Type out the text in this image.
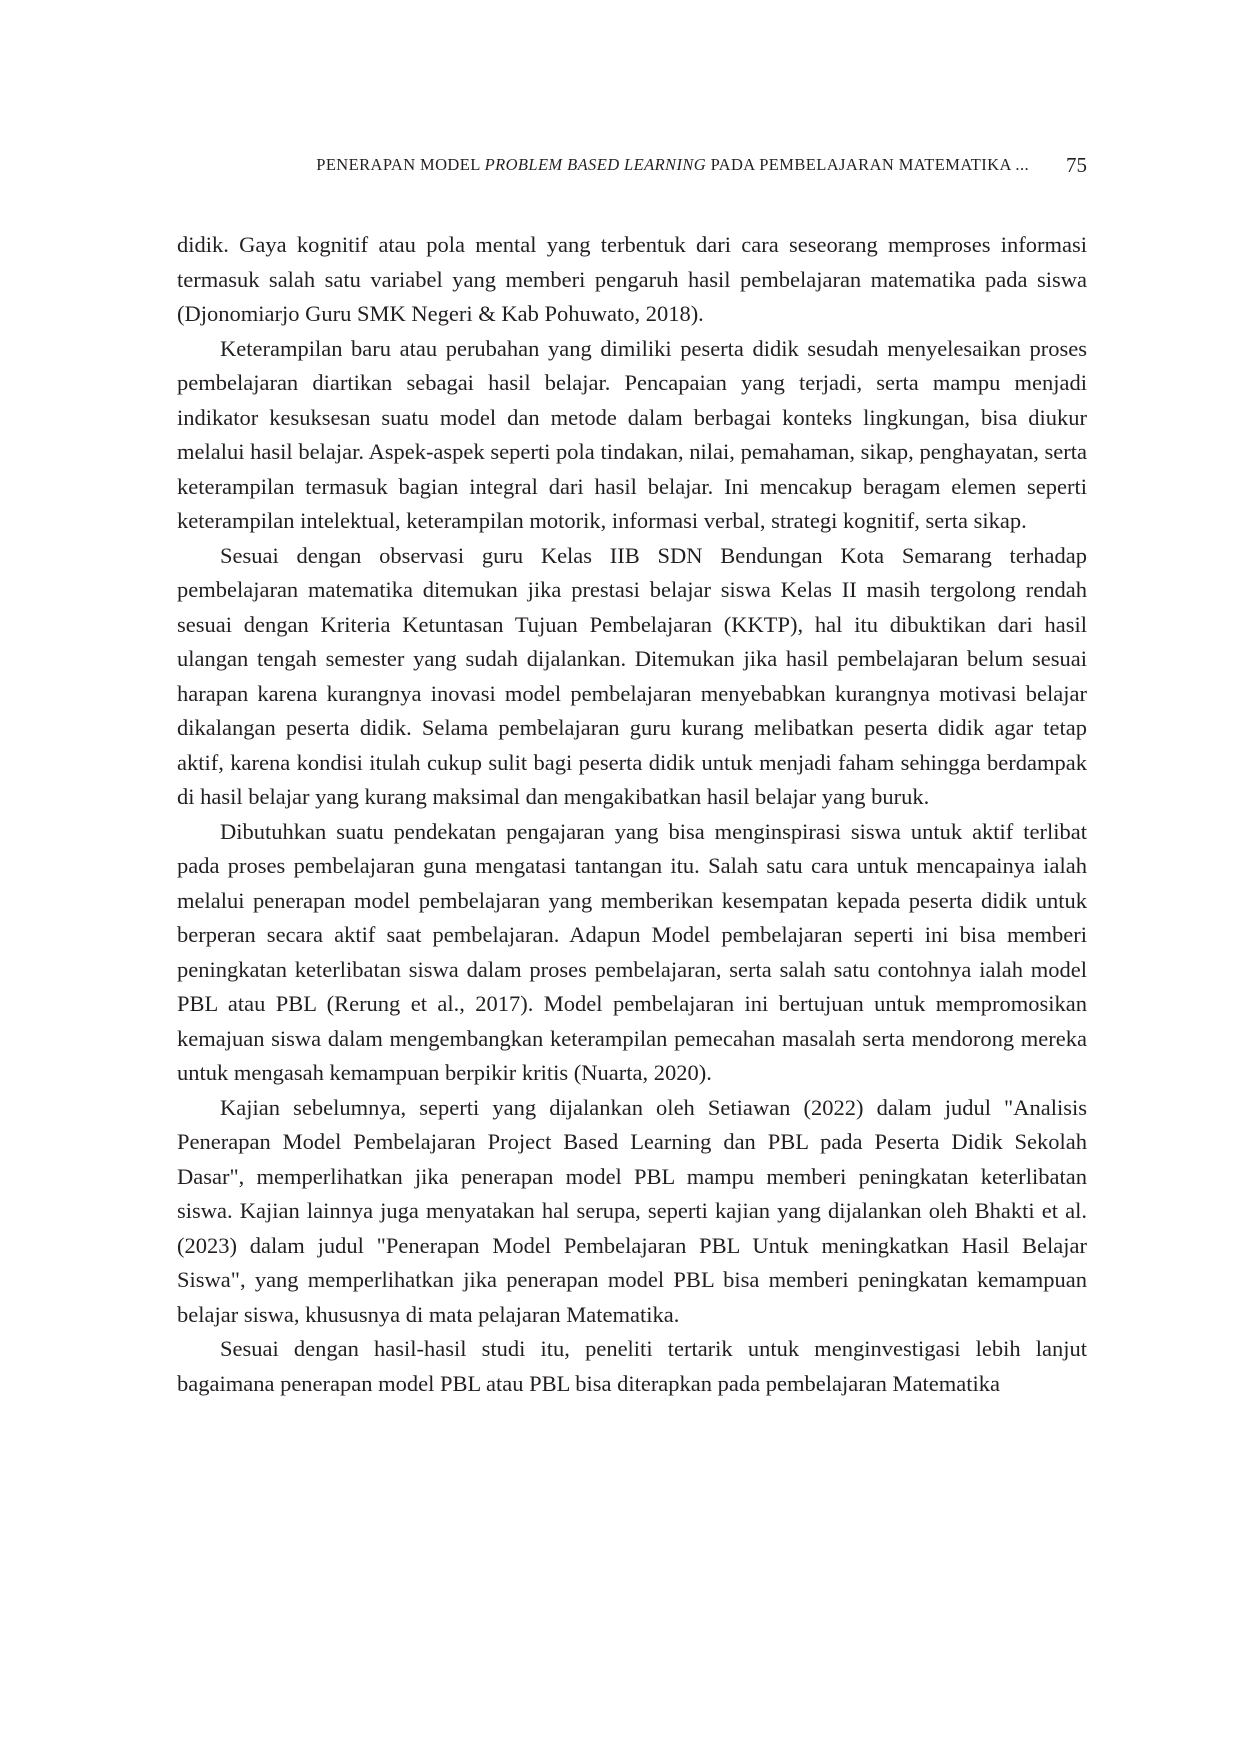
PENERAPAN MODEL PROBLEM BASED LEARNING PADA PEMBELAJARAN MATEMATIKA ... 75

didik. Gaya kognitif atau pola mental yang terbentuk dari cara seseorang memproses informasi termasuk salah satu variabel yang memberi pengaruh hasil pembelajaran matematika pada siswa (Djonomiarjo Guru SMK Negeri & Kab Pohuwato, 2018).

Keterampilan baru atau perubahan yang dimiliki peserta didik sesudah menyelesaikan proses pembelajaran diartikan sebagai hasil belajar. Pencapaian yang terjadi, serta mampu menjadi indikator kesuksesan suatu model dan metode dalam berbagai konteks lingkungan, bisa diukur melalui hasil belajar. Aspek-aspek seperti pola tindakan, nilai, pemahaman, sikap, penghayatan, serta keterampilan termasuk bagian integral dari hasil belajar. Ini mencakup beragam elemen seperti keterampilan intelektual, keterampilan motorik, informasi verbal, strategi kognitif, serta sikap.

Sesuai dengan observasi guru Kelas IIB SDN Bendungan Kota Semarang terhadap pembelajaran matematika ditemukan jika prestasi belajar siswa Kelas II masih tergolong rendah sesuai dengan Kriteria Ketuntasan Tujuan Pembelajaran (KKTP), hal itu dibuktikan dari hasil ulangan tengah semester yang sudah dijalankan. Ditemukan jika hasil pembelajaran belum sesuai harapan karena kurangnya inovasi model pembelajaran menyebabkan kurangnya motivasi belajar dikalangan peserta didik. Selama pembelajaran guru kurang melibatkan peserta didik agar tetap aktif, karena kondisi itulah cukup sulit bagi peserta didik untuk menjadi faham sehingga berdampak di hasil belajar yang kurang maksimal dan mengakibatkan hasil belajar yang buruk.

Dibutuhkan suatu pendekatan pengajaran yang bisa menginspirasi siswa untuk aktif terlibat pada proses pembelajaran guna mengatasi tantangan itu. Salah satu cara untuk mencapainya ialah melalui penerapan model pembelajaran yang memberikan kesempatan kepada peserta didik untuk berperan secara aktif saat pembelajaran. Adapun Model pembelajaran seperti ini bisa memberi peningkatan keterlibatan siswa dalam proses pembelajaran, serta salah satu contohnya ialah model PBL atau PBL (Rerung et al., 2017). Model pembelajaran ini bertujuan untuk mempromosikan kemajuan siswa dalam mengembangkan keterampilan pemecahan masalah serta mendorong mereka untuk mengasah kemampuan berpikir kritis (Nuarta, 2020).

Kajian sebelumnya, seperti yang dijalankan oleh Setiawan (2022) dalam judul "Analisis Penerapan Model Pembelajaran Project Based Learning dan PBL pada Peserta Didik Sekolah Dasar", memperlihatkan jika penerapan model PBL mampu memberi peningkatan keterlibatan siswa. Kajian lainnya juga menyatakan hal serupa, seperti kajian yang dijalankan oleh Bhakti et al. (2023) dalam judul "Penerapan Model Pembelajaran PBL Untuk meningkatkan Hasil Belajar Siswa", yang memperlihatkan jika penerapan model PBL bisa memberi peningkatan kemampuan belajar siswa, khususnya di mata pelajaran Matematika.

Sesuai dengan hasil-hasil studi itu, peneliti tertarik untuk menginvestigasi lebih lanjut bagaimana penerapan model PBL atau PBL bisa diterapkan pada pembelajaran Matematika
